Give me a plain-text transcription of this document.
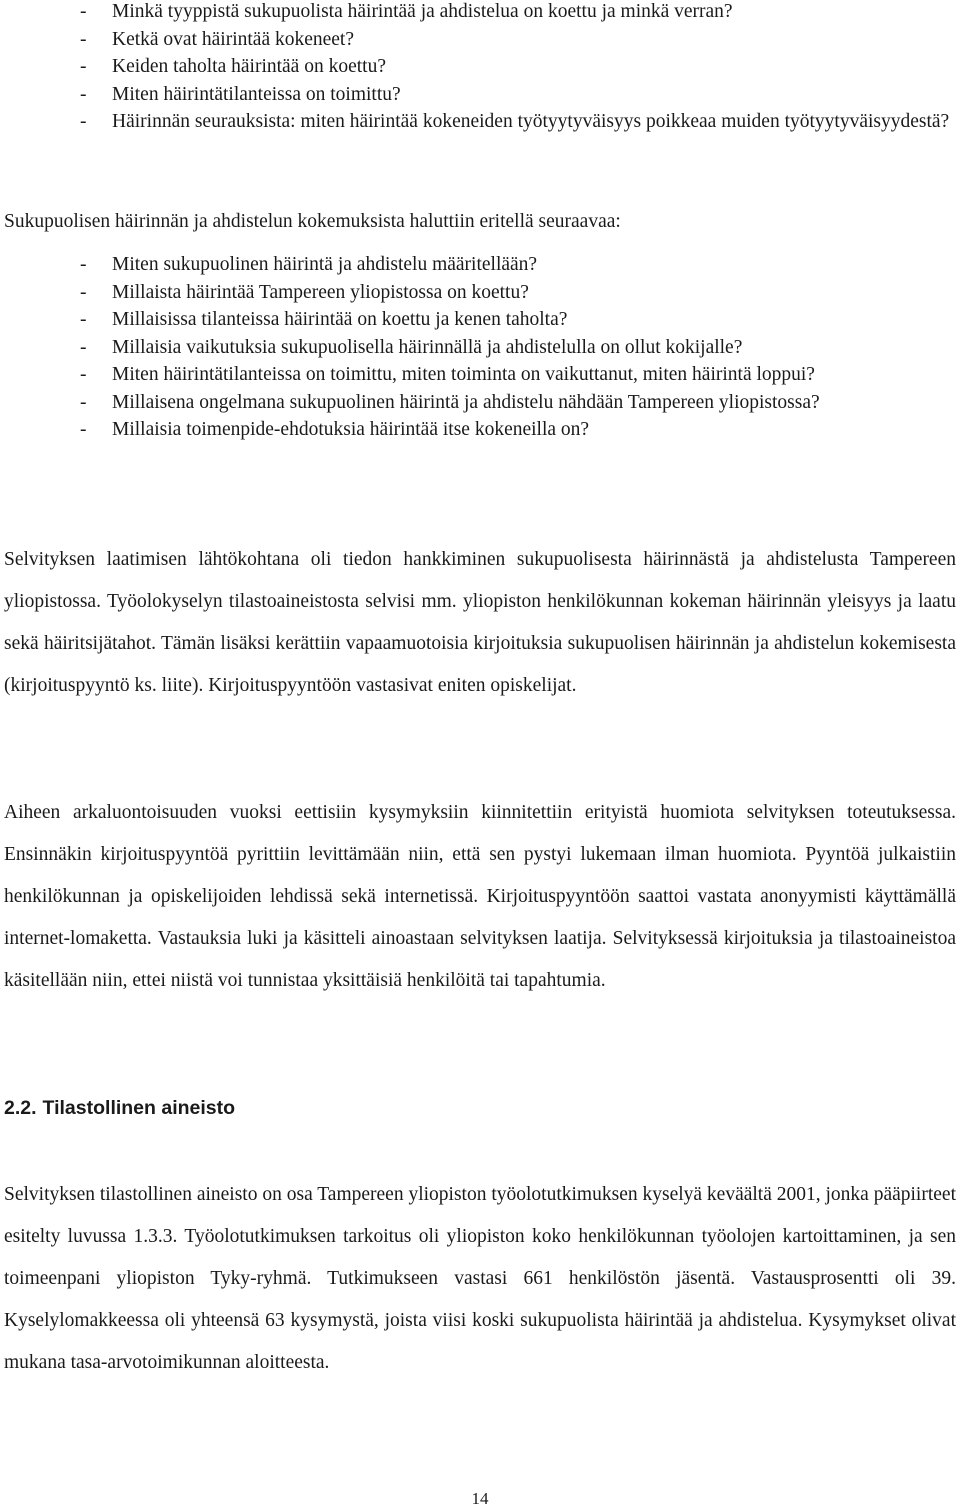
- Minkä tyyppistä sukupuolista häirintää ja ahdistelua on koettu ja minkä verran?
- Ketkä ovat häirintää kokeneet?
- Keiden taholta häirintää on koettu?
- Miten häirintätilanteissa on toimittu?
- Häirinnän seurauksista: miten häirintää kokeneiden työtyytyväisyys poikkeaa muiden työtyytyväisyydestä?

Sukupuolisen häirinnän ja ahdistelun kokemuksista haluttiin eritellä seuraavaa:

- Miten sukupuolinen häirintä ja ahdistelu määritellään?
- Millaista häirintää Tampereen yliopistossa on koettu?
- Millaisissa tilanteissa häirintää on koettu ja kenen taholta?
- Millaisia vaikutuksia sukupuolisella häirinnällä ja ahdistelulla on ollut kokijalle?
- Miten häirintätilanteissa on toimittu, miten toiminta on vaikuttanut, miten häirintä loppui?
- Millaisena ongelmana sukupuolinen häirintä ja ahdistelu nähdään Tampereen yliopistossa?
- Millaisia toimenpide-ehdotuksia häirintää itse kokeneilla on?

Selvityksen laatimisen lähtökohtana oli tiedon hankkiminen sukupuolisesta häirinnästä ja ahdistelusta Tampereen yliopistossa. Työolokyselyn tilastoaineistosta selvisi mm. yliopiston henkilökunnan kokeman häirinnän yleisyys ja laatu sekä häiritsijätahot. Tämän lisäksi kerättiin vapaamuotoisia kirjoituksia sukupuolisen häirinnän ja ahdistelun kokemisesta (kirjoituspyyntö ks. liite). Kirjoituspyyntöön vastasivat eniten opiskelijat.

Aiheen arkaluontoisuuden vuoksi eettisiin kysymyksiin kiinnitettiin erityistä huomiota selvityksen toteutuksessa. Ensinnäkin kirjoituspyyntöä pyrittiin levittämään niin, että sen pystyi lukemaan ilman huomiota. Pyyntöä julkaistiin henkilökunnan ja opiskelijoiden lehdissä sekä internetissä. Kirjoituspyyntöön saattoi vastata anonyymisti käyttämällä internet-lomaketta. Vastauksia luki ja käsitteli ainoastaan selvityksen laatija. Selvityksessä kirjoituksia ja tilastoaineistoa käsitellään niin, ettei niistä voi tunnistaa yksittäisiä henkilöitä tai tapahtumia.

2.2. Tilastollinen aineisto

Selvityksen tilastollinen aineisto on osa Tampereen yliopiston työolotutkimuksen kyselyä keväältä 2001, jonka pääpiirteet esitelty luvussa 1.3.3. Työolotutkimuksen tarkoitus oli yliopiston koko henkilökunnan työolojen kartoittaminen, ja sen toimeenpani yliopiston Tyky-ryhmä. Tutkimukseen vastasi 661 henkilöstön jäsentä. Vastausprosentti oli 39. Kyselylomakkeessa oli yhteensä 63 kysymystä, joista viisi koski sukupuolista häirintää ja ahdistelua. Kysymykset olivat mukana tasa-arvotoimikunnan aloitteesta.

14
